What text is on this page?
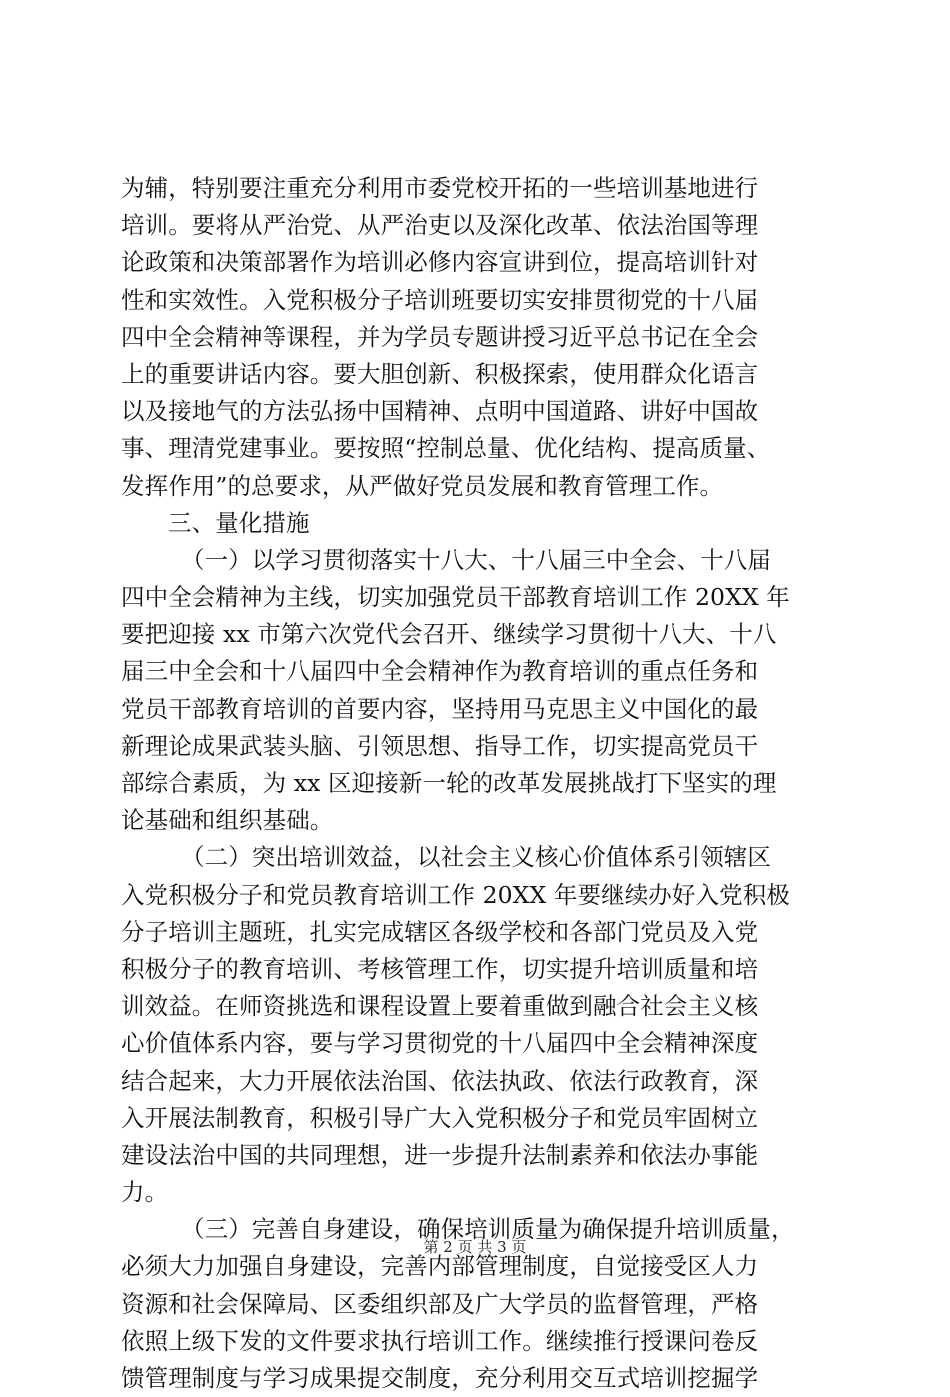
为辅，特别要注重充分利用市委党校开拓的一些培训基地进行
培训。要将从严治党、从严治吏以及深化改革、依法治国等理
论政策和决策部署作为培训必修内容宣讲到位，提高培训针对
性和实效性。入党积极分子培训班要切实安排贯彻党的十八届
四中全会精神等课程，并为学员专题讲授习近平总书记在全会
上的重要讲话内容。要大胆创新、积极探索，使用群众化语言
以及接地气的方法弘扬中国精神、点明中国道路、讲好中国故
事、理清党建事业。要按照“控制总量、优化结构、提高质量、
发挥作用”的总要求，从严做好党员发展和教育管理工作。
三、量化措施
（一）以学习贯彻落实十八大、十八届三中全会、十八届
四中全会精神为主线，切实加强党员干部教育培训工作 20XX 年
要把迎接 xx 市第六次党代会召开、继续学习贯彻十八大、十八
届三中全会和十八届四中全会精神作为教育培训的重点任务和
党员干部教育培训的首要内容，坚持用马克思主义中国化的最
新理论成果武装头脑、引领思想、指导工作，切实提高党员干
部综合素质，为 xx 区迎接新一轮的改革发展挑战打下坚实的理
论基础和组织基础。
（二）突出培训效益，以社会主义核心价值体系引领辖区
入党积极分子和党员教育培训工作 20XX 年要继续办好入党积极
分子培训主题班，扎实完成辖区各级学校和各部门党员及入党
积极分子的教育培训、考核管理工作，切实提升培训质量和培
训效益。在师资挑选和课程设置上要着重做到融合社会主义核
心价值体系内容，要与学习贯彻党的十八届四中全会精神深度
结合起来，大力开展依法治国、依法执政、依法行政教育，深
入开展法制教育，积极引导广大入党积极分子和党员牢固树立
建设法治中国的共同理想，进一步提升法制素养和依法办事能
力。
（三）完善自身建设，确保培训质量为确保提升培训质量，
必须大力加强自身建设，完善内部管理制度，自觉接受区人力
资源和社会保障局、区委组织部及广大学员的监督管理，严格
依照上级下发的文件要求执行培训工作。继续推行授课问卷反
馈管理制度与学习成果提交制度，充分利用交互式培训挖掘学
第 2 页 共 3 页
